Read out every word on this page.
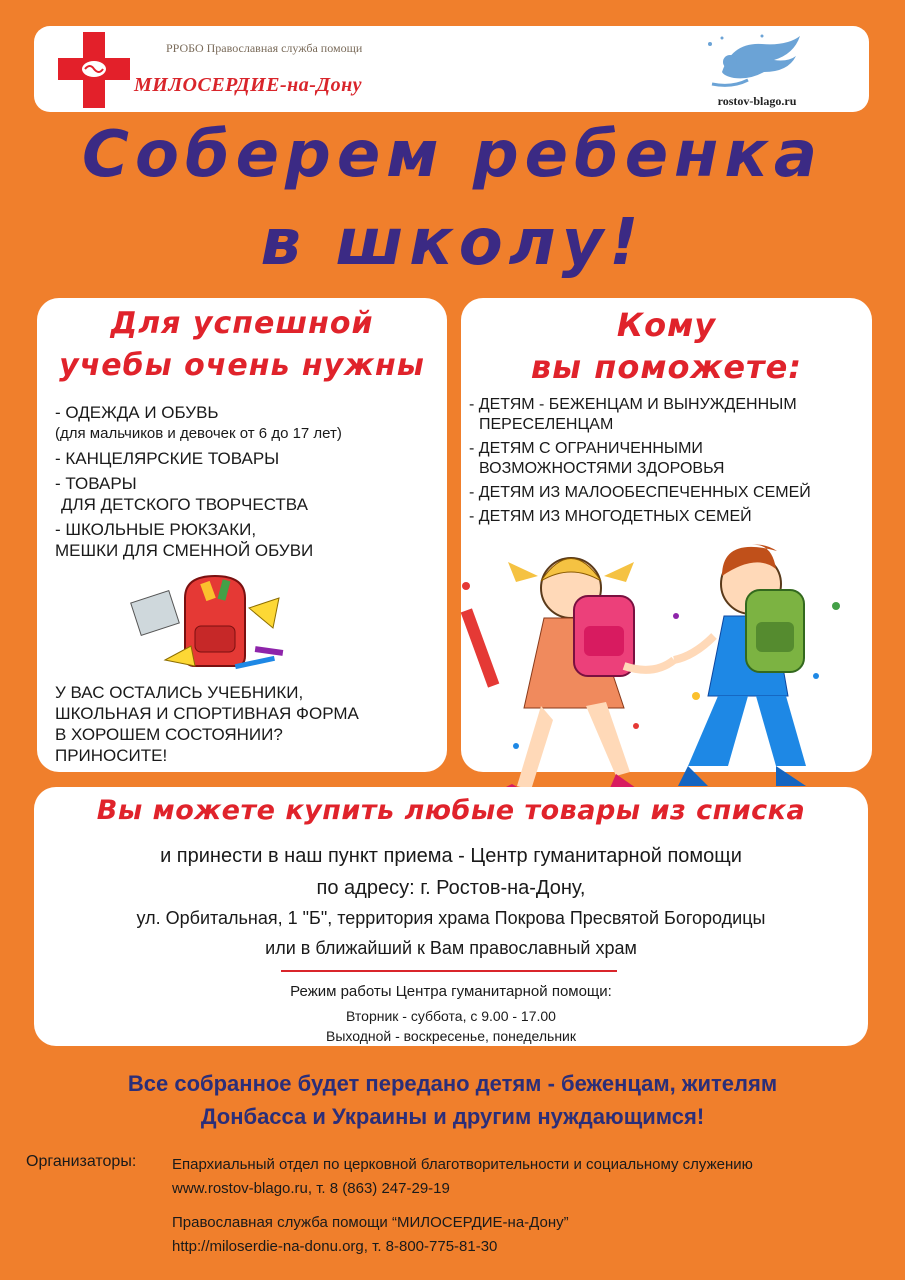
РРОБО Православная служба помощи
МИЛОСЕРДИЕ-на-Дону
rostov-blago.ru
Соберем ребенка
в школу!
Для успешной
учебы очень нужны
- ОДЕЖДА И ОБУВЬ
(для мальчиков и девочек от 6 до 17 лет)
- КАНЦЕЛЯРСКИЕ ТОВАРЫ
- ТОВАРЫ
ДЛЯ ДЕТСКОГО ТВОРЧЕСТВА
- ШКОЛЬНЫЕ РЮКЗАКИ,
МЕШКИ ДЛЯ СМЕННОЙ ОБУВИ
У ВАС ОСТАЛИСЬ УЧЕБНИКИ,
ШКОЛЬНАЯ И СПОРТИВНАЯ ФОРМА
В ХОРОШЕМ СОСТОЯНИИ?
ПРИНОСИТЕ!
Кому
вы поможете:
- ДЕТЯМ - БЕЖЕНЦАМ И ВЫНУЖДЕННЫМ
ПЕРЕСЕЛЕНЦАМ
- ДЕТЯМ С ОГРАНИЧЕННЫМИ
ВОЗМОЖНОСТЯМИ ЗДОРОВЬЯ
- ДЕТЯМ ИЗ МАЛООБЕСПЕЧЕННЫХ СЕМЕЙ
- ДЕТЯМ ИЗ МНОГОДЕТНЫХ СЕМЕЙ
Вы можете купить любые товары из списка
и принести в наш пункт приема - Центр гуманитарной помощи
по адресу: г. Ростов-на-Дону,
ул. Орбитальная, 1 "Б", территория храма Покрова Пресвятой Богородицы
или в ближайший к Вам православный храм
Режим работы Центра гуманитарной помощи:
Вторник - суббота, с 9.00 - 17.00
Выходной - воскресенье, понедельник
Все собранное будет передано детям - беженцам, жителям
Донбасса и Украины и другим нуждающимся!
Организаторы: Епархиальный отдел по церковной благотворительности и социальному служению
www.rostov-blago.ru, т. 8 (863) 247-29-19
Православная служба помощи “МИЛОСЕРДИЕ-на-Дону”
http://miloserdie-na-donu.org, т. 8-800-775-81-30
